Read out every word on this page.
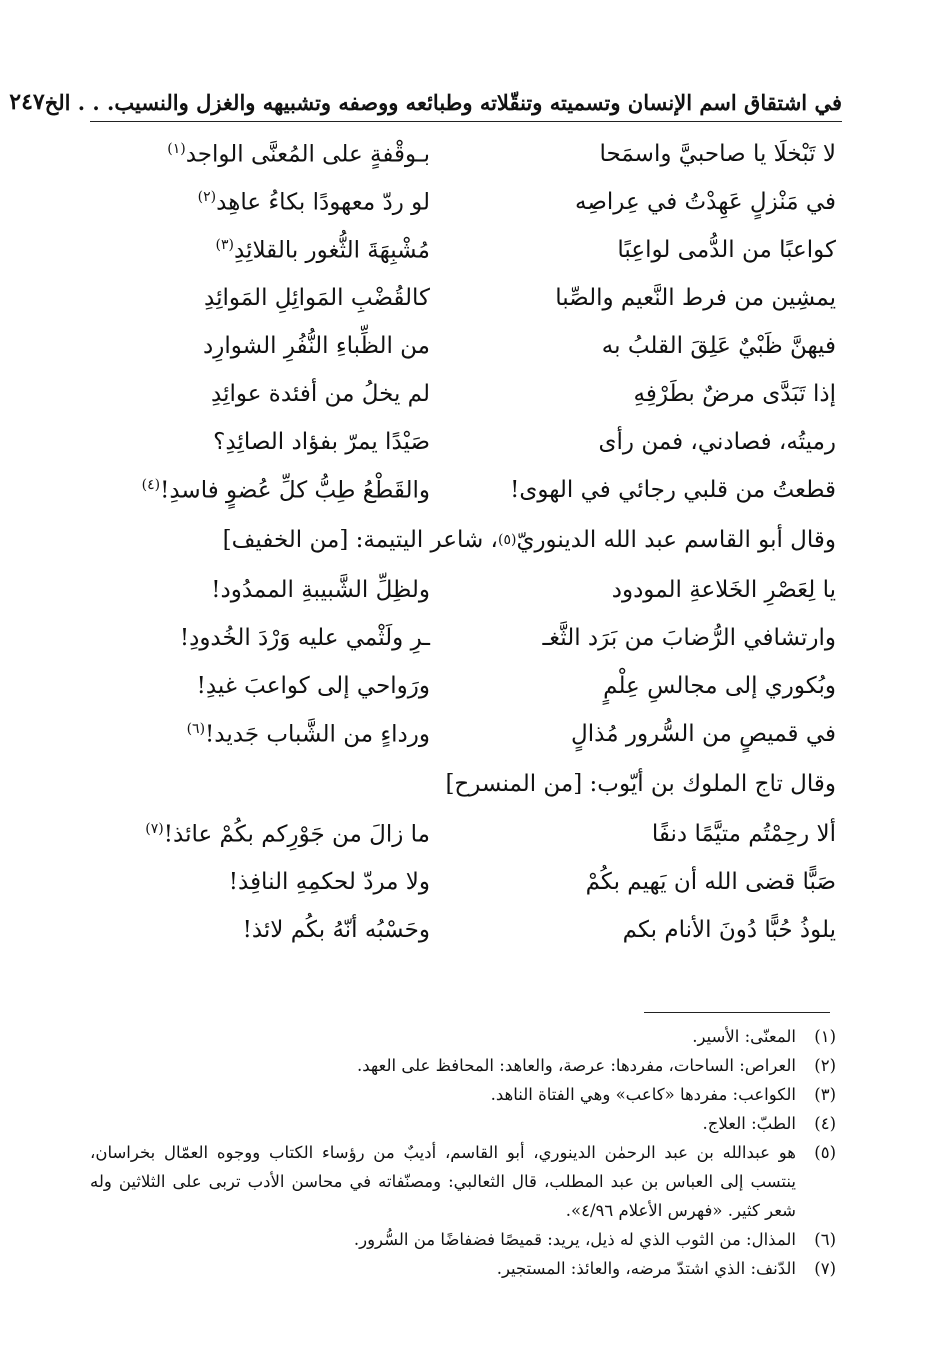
في اشتقاق اسم الإنسان وتسميته وتنقّلاته وطبائعه ووصفه وتشبيهه والغزل والنسيب. . . الخ
٢٤٧
لا تَبْخلَا يا صاحبيَّ واسمَحا
بـوقْفةٍ على المُعنَّى الواجد$^{(١)}$
في مَنْزلٍ عَهِدْتُ في عِراصِه
لو ردّ معهودًا بكاءُ عاهِد$^{(٢)}$
كواعبًا من الدُّمى لواعِبًا
مُشْبِهَةَ الثُّغور بالقلائِدِ$^{(٣)}$
يمشِين من فرط النَّعيم والصِّبا
كالقُضْبِ المَوائِلِ المَوائِدِ
فيهنَّ ظَبْيٌ عَلِقَ القلبُ به
من الظِّباءِ النُّفُرِ الشوارِد
إذا تَبَدَّى مرضٌ بطَرْفِهِ
لم يخلُ من أفئدة عوائِدِ
رميتُه، فصادني، فمن رأى
صَيْدًا يمرّ بفؤاد الصائِدِ؟
قطعتُ من قلبي رجائي في الهوى!
والقَطْعُ طِبُّ كلِّ عُضوٍ فاسدِ!$^{(٤)}$
وقال أبو القاسم عبد الله الدينوريّ
(٥)
، شاعر اليتيمة: [من الخفيف]
يا لِعَصْرِ الخَلاعةِ المودود
ولظِلِّ الشَّبيبةِ الممدُود!
وارتشافي الرُّضابَ من بَرَد الثَّغـ
ـرِ ولَثْمي عليه وَرْدَ الخُدودِ!
وبُكوري إلى مجالسِ عِلْمٍ
ورَواحي إلى كواعبَ غيدِ!
في قميصٍ من السُّرور مُذالٍ
ورداءٍ من الشَّباب جَديد!$^{(٦)}$
وقال تاج الملوك بن أيّوب: [من المنسرح]
ألا رحِمْتُم متيَّمًا دنفًا
ما زالَ من جَوْرِكم بكُمْ عائذ!$^{(٧)}$
صَبًّا قضى الله أن يَهيم بكُمْ
ولا مردّ لحكمِهِ النافِذ!
يلوذُ حُبًّا دُونَ الأنام بكم
وحَسْبُه أنّهُ بكُم لائذ!
(١)
المعنّى: الأسير.
(٢)
العراص: الساحات، مفردها: عرصة، والعاهد: المحافظ على العهد.
(٣)
الكواعب: مفردها «كاعب» وهي الفتاة الناهد.
(٤)
الطبّ: العلاج.
(٥)
هو عبدالله بن عبد الرحمٰن الدينوري، أبو القاسم، أديبٌ من رؤساء الكتاب ووجوه العمّال بخراسان، ينتسب إلى العباس بن عبد المطلب، قال الثعالبي: ومصنّفاته في محاسن الأدب تربى على الثلاثين وله شعر كثير. «فهرس الأعلام ٤/٩٦».
(٦)
المذال: من الثوب الذي له ذيل، يريد: قميصًا فضفاضًا من السُّرور.
(٧)
الدّنف: الذي اشتدّ مرضه، والعائذ: المستجير.
